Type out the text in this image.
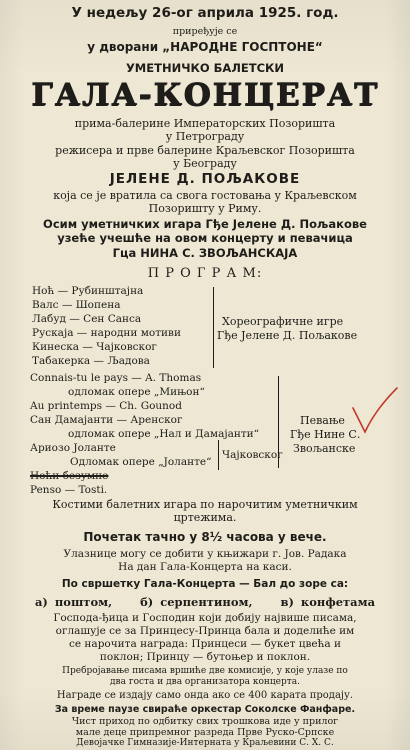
У недељу 26-ог априла 1925. год.
приређује се
у дворани „НАРОДНЕ ГОСПТОНЕ“
УМЕТНИЧКО БАЛЕТСКИ
ГАЛА-КОНЦЕРАТ
прима-балерине Императорских Позоришта
у Петрограду
режисера и прве балерине Краљевског Позоришта
у Београду
ЈЕЛЕНЕ Д. ПОЉАКОВЕ
која се је вратила са свога гостовања у Краљевском
Позоришту у Риму.
Осим уметничких игара Гђе Јелене Д. Пољакове
узеће учешће на овом концерту и певачица
Гца НИНА С. ЗВОЉАНСКАЈА
П Р О Г Р А М:
Ноћ — Рубинштајна
Валс — Шопена
Лабуд — Сен Санса
Рускаја — народни мотиви
Кинеска — Чајковског
Табакерка — Љадова
Хореографичне игре
Гђе Јелене Д. Пољакове
Connais-tu le pays — A. Thomas
одломак опере „Мињон“
Au printemps — Ch. Gounod
Сан Дамајанти — Аренског
одломак опере „Нал и Дамајанти“
Ариозо Јоланте
Одломак опере „Јоланте“
Ноћи безумне
Penso — Tosti.
Чајковског
Певање
Гђе Нине С.
Звољанске
Костими балетних игара по нарочитим уметничким
цртежима.
Почетак тачно у 8½ часова у вече.
Улазнице могу се добити у књижари г. Јов. Радака
На дан Гала-Концерта на каси.
По свршетку Гала-Концерта — Бал до зоре са:
а) поштом,    б) серпентином,    в) конфетама
Господа-ђица и Господин који добију највише писама,
оглашује се за Принцесу-Принца бала и доделиће им
се нарочита награда: Принцеси — букет цвећа и
поклон; Принцу — бутоњер и поклон.
Пребројавање писама вршиће две комисије, у које улазе по
два госта и два организатора концерта.
Награде се издају само онда ако се 400 карата продају.
За време паузе свираће оркестар Соколске Фанфаре.
Чист приход по одбитку свих трошкова иде у прилог
мале деце припремног разреда Прве Руско-Српске
Девојачке Гимназије-Интерната у Краљевини С. Х. С.
